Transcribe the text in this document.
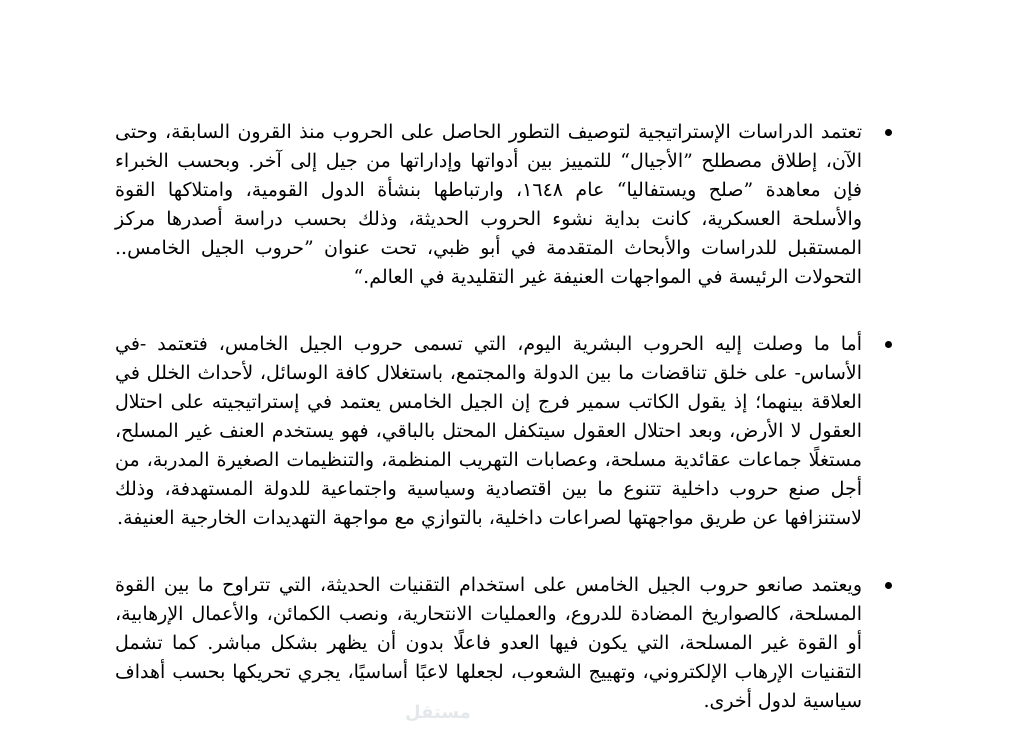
تعتمد الدراسات الإستراتيجية لتوصيف التطور الحاصل على الحروب منذ القرون السابقة، وحتى الآن، إطلاق مصطلح ”الأجيال“ للتمييز بين أدواتها وإداراتها من جيل إلى آخر. وبحسب الخبراء فإن معاهدة ”صلح ويستفاليا“ عام ١٦٤٨، وارتباطها بنشأة الدول القومية، وامتلاكها القوة والأسلحة العسكرية، كانت بداية نشوء الحروب الحديثة، وذلك بحسب دراسة أصدرها مركز المستقبل للدراسات والأبحاث المتقدمة في أبو ظبي، تحت عنوان ”حروب الجيل الخامس.. التحولات الرئيسة في المواجهات العنيفة غير التقليدية في العالم.“
أما ما وصلت إليه الحروب البشرية اليوم، التي تسمى حروب الجيل الخامس، فتعتمد -في الأساس- على خلق تناقضات ما بين الدولة والمجتمع، باستغلال كافة الوسائل، لأحداث الخلل في العلاقة بينهما؛ إذ يقول الكاتب سمير فرج إن الجيل الخامس يعتمد في إستراتيجيته على احتلال العقول لا الأرض، وبعد احتلال العقول سيتكفل المحتل بالباقي، فهو يستخدم العنف غير المسلح، مستغلًا جماعات عقائدية مسلحة، وعصابات التهريب المنظمة، والتنظيمات الصغيرة المدربة، من أجل صنع حروب داخلية تتنوع ما بين اقتصادية وسياسية واجتماعية للدولة المستهدفة، وذلك لاستنزافها عن طريق مواجهتها لصراعات داخلية، بالتوازي مع مواجهة التهديدات الخارجية العنيفة.
ويعتمد صانعو حروب الجيل الخامس على استخدام التقنيات الحديثة، التي تتراوح ما بين القوة المسلحة، كالصواريخ المضادة للدروع، والعمليات الانتحارية، ونصب الكمائن، والأعمال الإرهابية، أو القوة غير المسلحة، التي يكون فيها العدو فاعلًا بدون أن يظهر بشكل مباشر. كما تشمل التقنيات الإرهاب الإلكتروني، وتهييج الشعوب، لجعلها لاعبًا أساسيًا، يجري تحريكها بحسب أهداف سياسية لدول أخرى.
مستقل
